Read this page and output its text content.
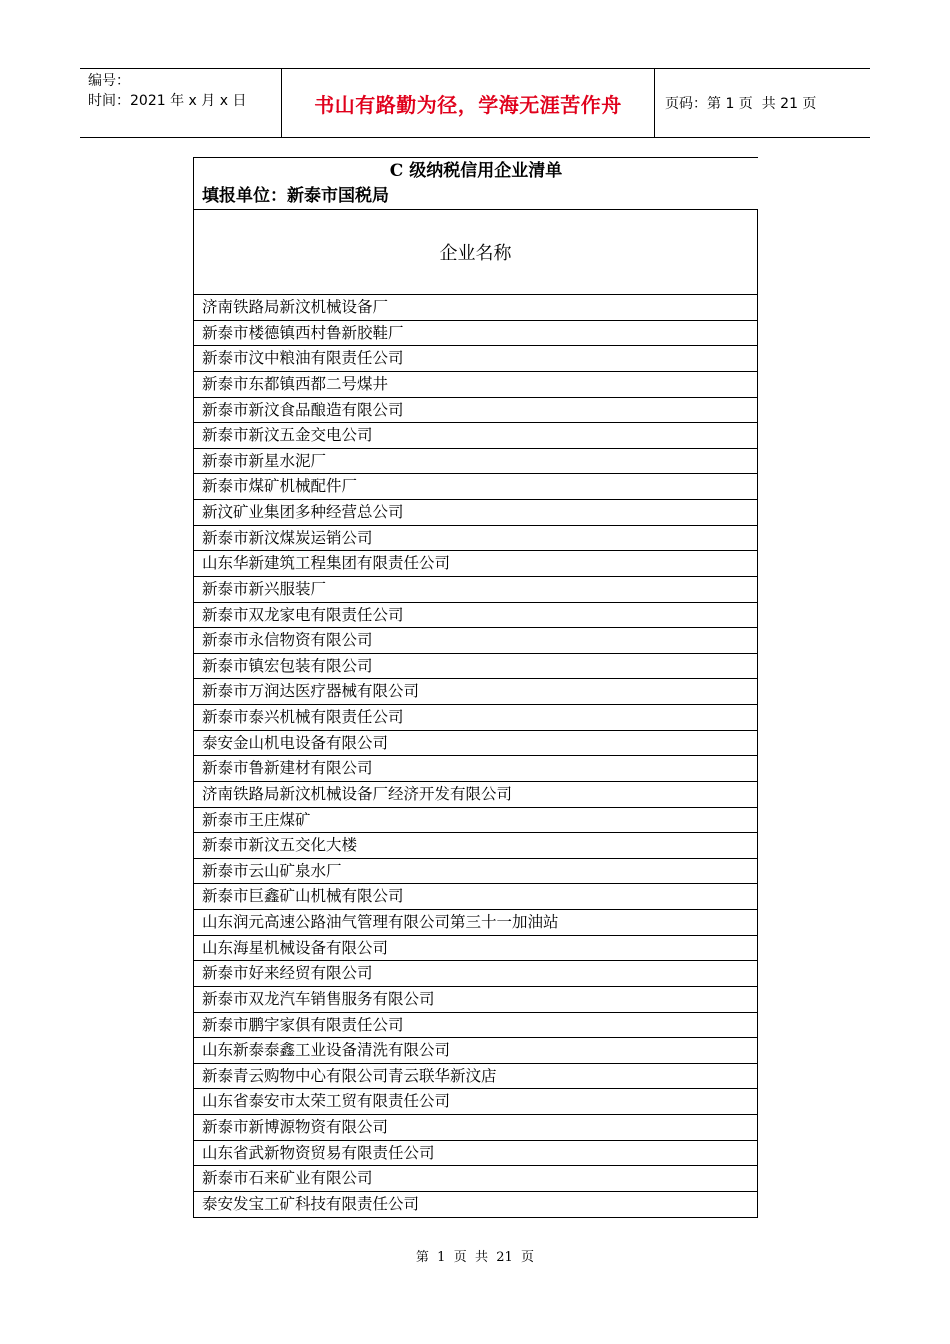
编号：
时间：2021 年 x 月 x 日	书山有路勤为径，学海无涯苦作舟	页码：第 1 页  共 21 页
C 级纳税信用企业清单
填报单位：新泰市国税局
企业名称
济南铁路局新汶机械设备厂
新泰市楼德镇西村鲁新胶鞋厂
新泰市汶中粮油有限责任公司
新泰市东都镇西都二号煤井
新泰市新汶食品酿造有限公司
新泰市新汶五金交电公司
新泰市新星水泥厂
新泰市煤矿机械配件厂
新汶矿业集团多种经营总公司
新泰市新汶煤炭运销公司
山东华新建筑工程集团有限责任公司
新泰市新兴服装厂
新泰市双龙家电有限责任公司
新泰市永信物资有限公司
新泰市镇宏包装有限公司
新泰市万润达医疗器械有限公司
新泰市泰兴机械有限责任公司
泰安金山机电设备有限公司
新泰市鲁新建材有限公司
济南铁路局新汶机械设备厂经济开发有限公司
新泰市王庄煤矿
新泰市新汶五交化大楼
新泰市云山矿泉水厂
新泰市巨鑫矿山机械有限公司
山东润元高速公路油气管理有限公司第三十一加油站
山东海星机械设备有限公司
新泰市好来经贸有限公司
新泰市双龙汽车销售服务有限公司
新泰市鹏宇家俱有限责任公司
山东新泰泰鑫工业设备清洗有限公司
新泰青云购物中心有限公司青云联华新汶店
山东省泰安市太荣工贸有限责任公司
新泰市新博源物资有限公司
山东省武新物资贸易有限责任公司
新泰市石来矿业有限公司
泰安发宝工矿科技有限责任公司
第  1  页  共  21  页
